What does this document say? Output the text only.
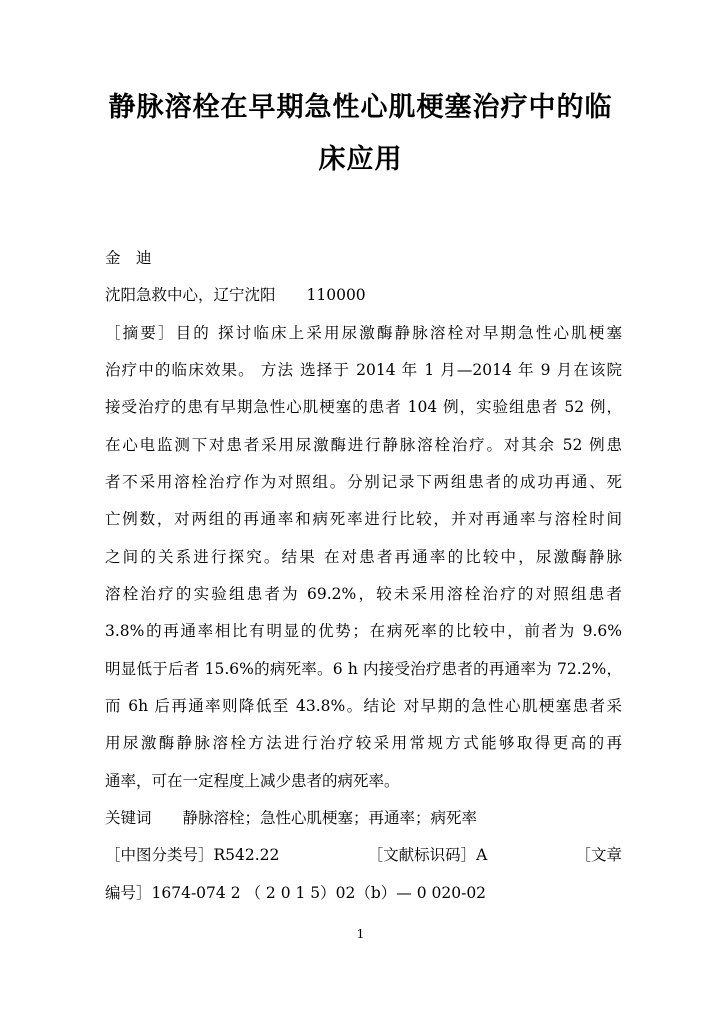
静脉溶栓在早期急性心肌梗塞治疗中的临
床应用
金　迪
沈阳急救中心，辽宁沈阳　　110000
［摘要］目的 探讨临床上采用尿激酶静脉溶栓对早期急性心肌梗塞
治疗中的临床效果。 方法 选择于 2014 年 1 月—2014 年 9 月在该院
接受治疗的患有早期急性心肌梗塞的患者 104 例，实验组患者 52 例，
在心电监测下对患者采用尿激酶进行静脉溶栓治疗。对其余 52 例患
者不采用溶栓治疗作为对照组。分别记录下两组患者的成功再通、死
亡例数，对两组的再通率和病死率进行比较，并对再通率与溶栓时间
之间的关系进行探究。结果 在对患者再通率的比较中，尿激酶静脉
溶栓治疗的实验组患者为 69.2%，较未采用溶栓治疗的对照组患者
3.8%的再通率相比有明显的优势；在病死率的比较中，前者为 9.6%
明显低于后者 15.6%的病死率。6 h 内接受治疗患者的再通率为 72.2%，
而 6h 后再通率则降低至 43.8%。结论 对早期的急性心肌梗塞患者采
用尿激酶静脉溶栓方法进行治疗较采用常规方式能够取得更高的再
通率，可在一定程度上减少患者的病死率。
关键词　　静脉溶栓；急性心肌梗塞；再通率；病死率
［中图分类号］R542.22	［文献标识码］A	［文章
编号］1674-074 2 （ 2 0 1 5）02（b）— 0 020-02
1
